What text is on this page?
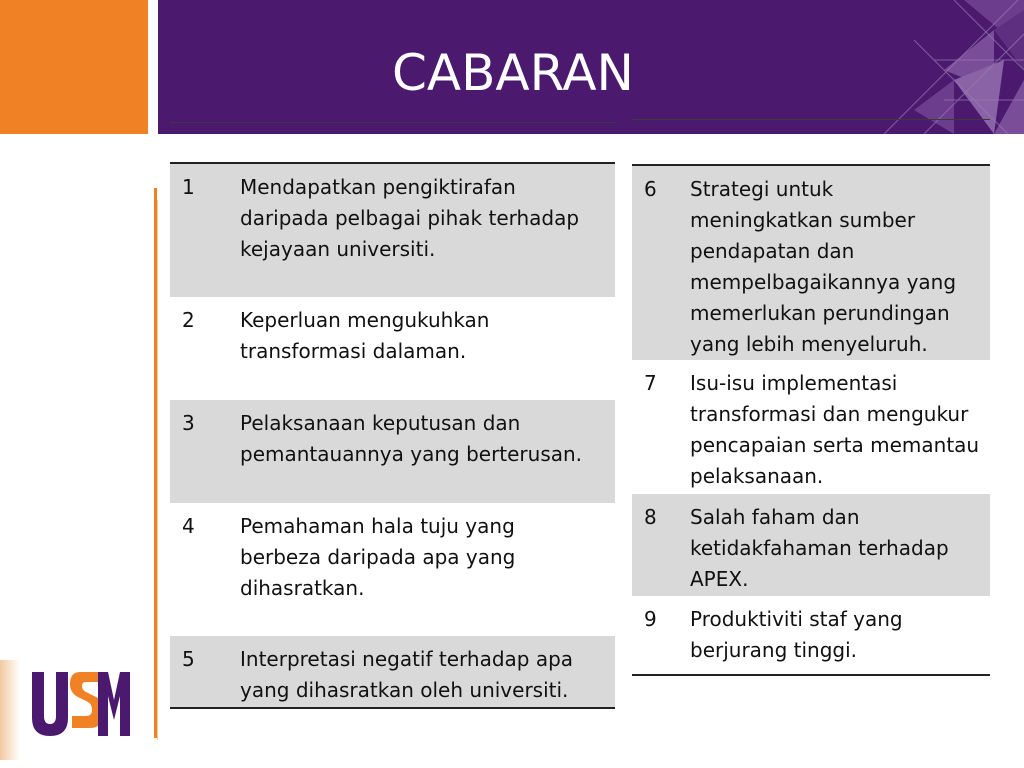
CABARAN
1 Mendapatkan pengiktirafan daripada pelbagai pihak terhadap kejayaan universiti.
2 Keperluan mengukuhkan transformasi dalaman.
3 Pelaksanaan keputusan dan pemantauannya yang berterusan.
4 Pemahaman hala tuju yang berbeza daripada apa yang dihasratkan.
5 Interpretasi negatif terhadap apa yang dihasratkan oleh universiti.
6 Strategi untuk meningkatkan sumber pendapatan dan mempelbagaikannya yang memerlukan perundingan yang lebih menyeluruh.
7 Isu-isu implementasi transformasi dan mengukur pencapaian serta memantau pelaksanaan.
8 Salah faham dan ketidakfahaman terhadap APEX.
9 Produktiviti staf yang berjurang tinggi.
